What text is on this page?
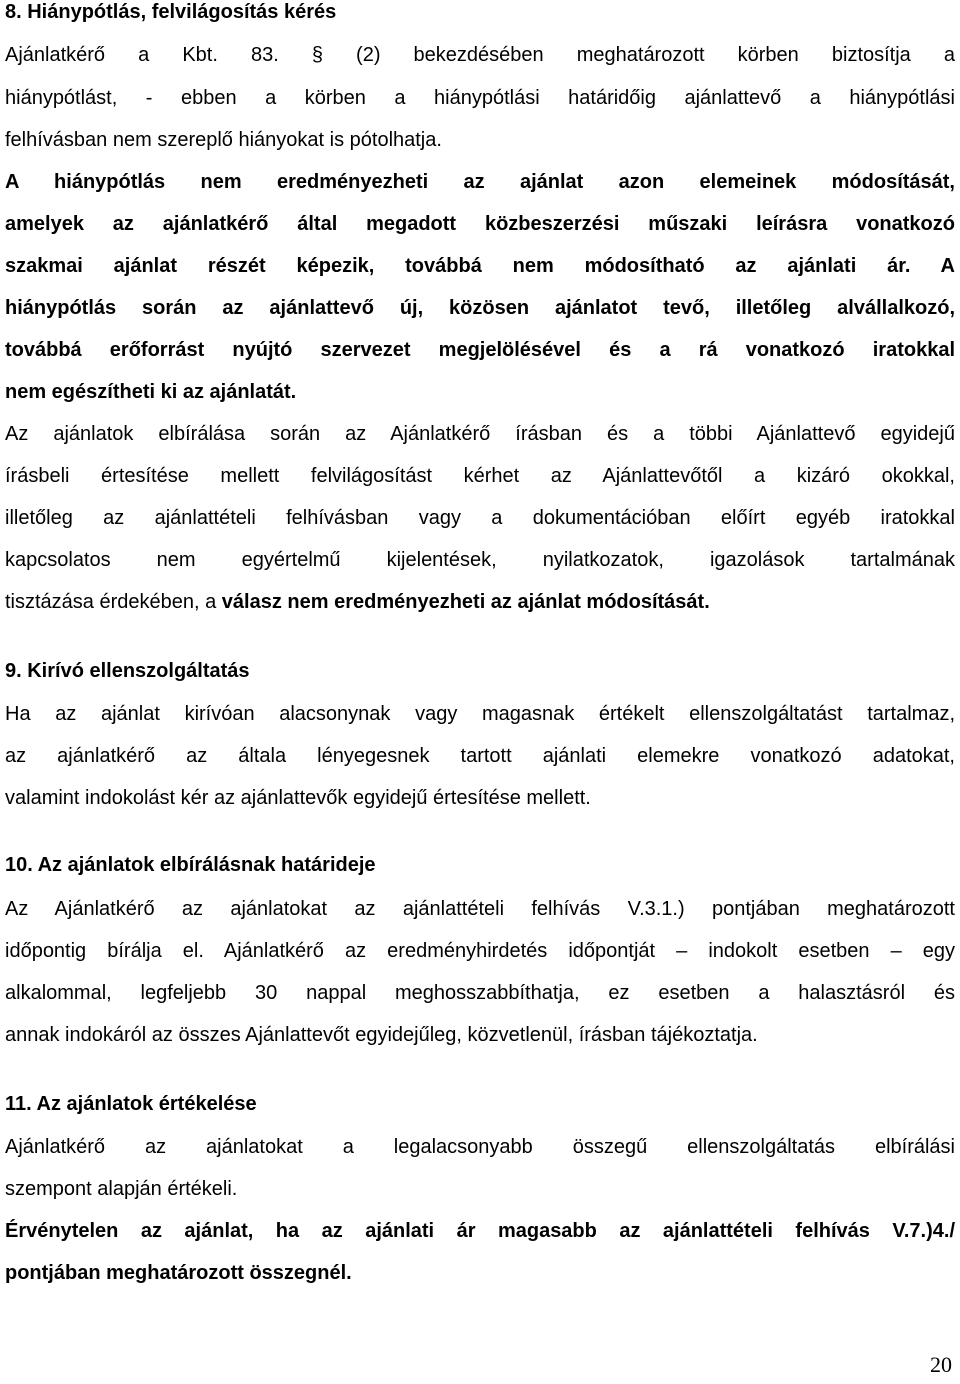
8. Hiánypótlás, felvilágosítás kérés
Ajánlatkérő a Kbt. 83. § (2) bekezdésében meghatározott körben biztosítja a
hiánypótlást, - ebben a körben a hiánypótlási határidőig ajánlattevő a hiánypótlási
felhívásban nem szereplő hiányokat is pótolhatja.
A hiánypótlás nem eredményezheti az ajánlat azon elemeinek módosítását,
amelyek az ajánlatkérő által megadott közbeszerzési műszaki leírásra vonatkozó
szakmai ajánlat részét képezik, továbbá nem módosítható az ajánlati ár. A
hiánypótlás során az ajánlattevő új, közösen ajánlatot tevő, illetőleg alvállalkozó,
továbbá erőforrást nyújtó szervezet megjelölésével és a rá vonatkozó iratokkal
nem egészítheti ki az ajánlatát.
Az ajánlatok elbírálása során az Ajánlatkérő írásban és a többi Ajánlattevő egyidejű
írásbeli értesítése mellett felvilágosítást kérhet az Ajánlattevőtől a kizáró okokkal,
illetőleg az ajánlattételi felhívásban vagy a dokumentációban előírt egyéb iratokkal
kapcsolatos nem egyértelmű kijelentések, nyilatkozatok, igazolások tartalmának
tisztázása érdekében, a válasz nem eredményezheti az ajánlat módosítását.
9. Kirívó ellenszolgáltatás
Ha az ajánlat kirívóan alacsonynak vagy magasnak értékelt ellenszolgáltatást tartalmaz,
az ajánlatkérő az általa lényegesnek tartott ajánlati elemekre vonatkozó adatokat,
valamint indokolást kér az ajánlattevők egyidejű értesítése mellett.
10. Az ajánlatok elbírálásnak határideje
Az Ajánlatkérő az ajánlatokat az ajánlattételi felhívás V.3.1.) pontjában meghatározott
időpontig bírálja el. Ajánlatkérő az eredményhirdetés időpontját – indokolt esetben – egy
alkalommal, legfeljebb 30 nappal meghosszabbíthatja, ez esetben a halasztásról és
annak indokáról az összes Ajánlattevőt egyidejűleg, közvetlenül, írásban tájékoztatja.
11. Az ajánlatok értékelése
Ajánlatkérő az ajánlatokat a legalacsonyabb összegű ellenszolgáltatás elbírálási
szempont alapján értékeli.
Érvénytelen az ajánlat, ha az ajánlati ár magasabb az ajánlattételi felhívás V.7.)4./
pontjában meghatározott összegnél.
20
